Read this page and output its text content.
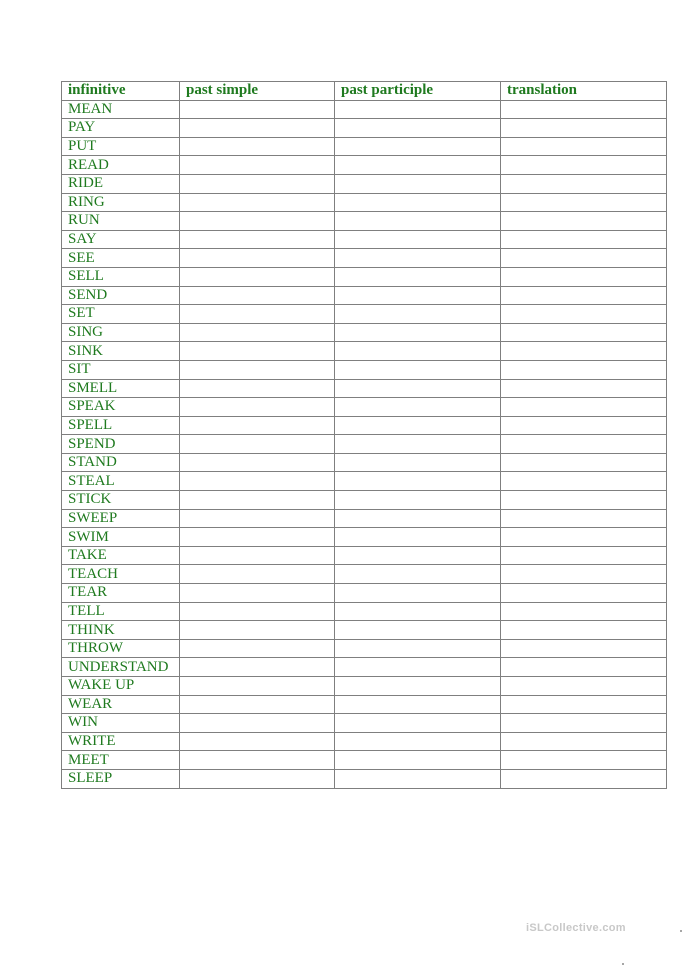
infinitive	past simple	past participle	translation
MEAN			
PAY			
PUT			
READ			
RIDE			
RING			
RUN			
SAY			
SEE			
SELL			
SEND			
SET			
SING			
SINK			
SIT			
SMELL			
SPEAK			
SPELL			
SPEND			
STAND			
STEAL			
STICK			
SWEEP			
SWIM			
TAKE			
TEACH			
TEAR			
TELL			
THINK			
THROW			
UNDERSTAND			
WAKE UP			
WEAR			
WIN			
WRITE			
MEET			
SLEEP			
iSLCollective.com
